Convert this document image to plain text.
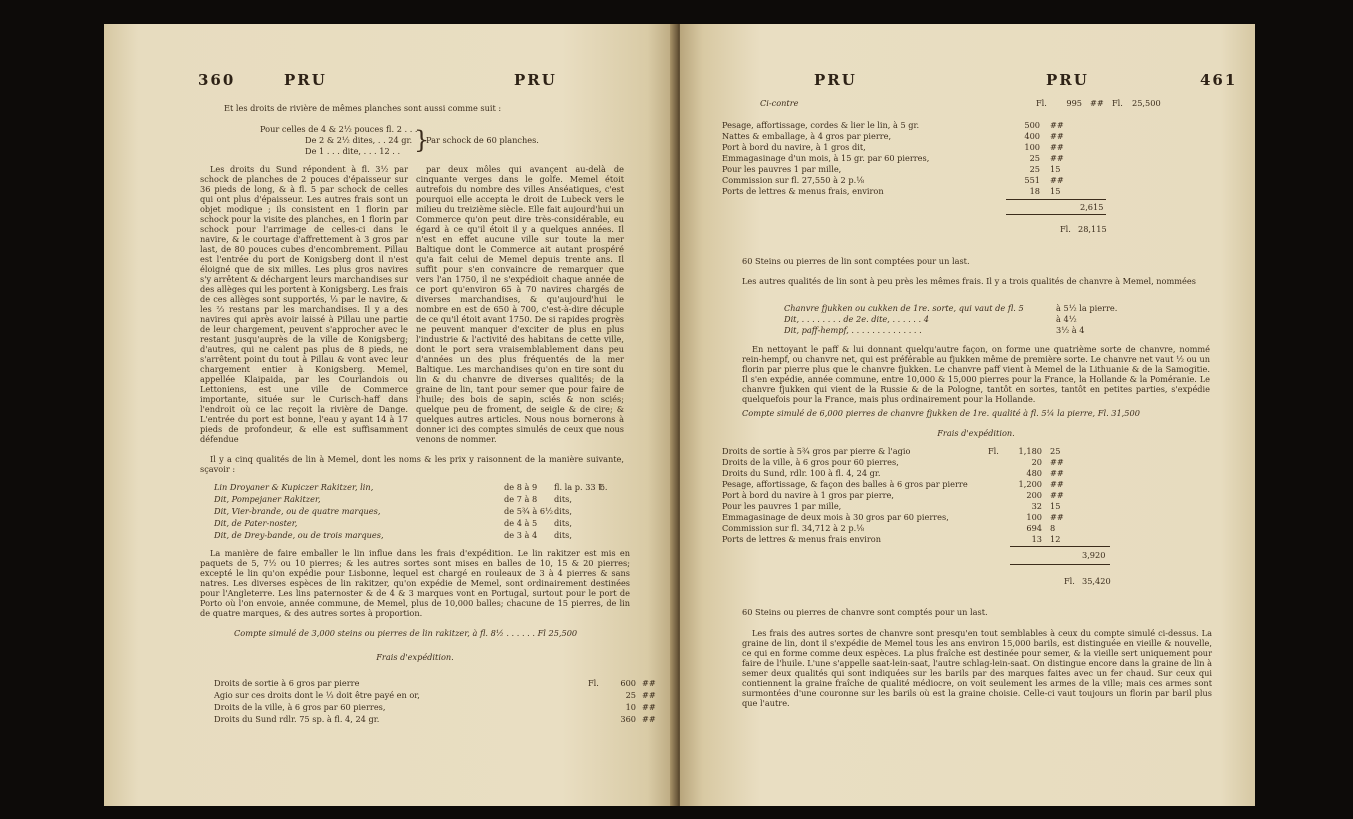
360	PRU	PRU
Et les droits de rivière de mêmes planches sont aussi comme suit :
Pour celles de 4 & 2½ pouces fl. 2 . . . .
De 2 & 2½ dites, . . 24 gr.
De 1 . . . dite, . . . 12 . . }
Par schock de 60 planches.

Les droits du Sund répondent à fl. 3½ par schock de planches de 2 pouces d'épaisseur sur 36 pieds de long, & à fl. 5 par schock de celles qui ont plus d'épaisseur. Les autres frais sont un objet modique ; ils consistent en 1 florin par schock pour la visite des planches, en 1 florin par schock pour l'arrimage de celles-ci dans le navire, & le courtage d'affrettement à 3 gros par last, de 80 pouces cubes d'encombrement. Pillau est l'entrée du port de Konigsberg dont il n'est éloigné que de six milles. Les plus gros navires s'y arrêtent & déchargent leurs marchandises sur des allèges qui les portent à Konigsberg. Les frais de ces allèges sont supportés, ⅓ par le navire, & les ⅔ restans par les marchandises. Il y a des navires qui après avoir laissé à Pillau une partie de leur chargement, peuvent s'approcher avec le restant jusqu'auprès de la ville de Konigsberg; d'autres, qui ne calent pas plus de 8 pieds, ne s'arrêtent point du tout à Pillau & vont avec leur chargement entier à Konigsberg. Memel, appellée Klaipaida, par les Courlandois ou Lettoniens, est une ville de Commerce importante, située sur le Curisch-haff dans l'endroit où ce lac reçoit la rivière de Dange. L'entrée du port est bonne, l'eau y ayant 14 à 17 pieds de profondeur, & elle est suffisamment défendue

par deux môles qui avançent au-delà de cinquante verges dans le golfe. Memel étoit autrefois du nombre des villes Anséatiques, c'est pourquoi elle accepta le droit de Lubeck vers le milieu du treizième siècle. Elle fait aujourd'hui un Commerce qu'on peut dire très-considérable, eu égard à ce qu'il étoit il y a quelques années. Il n'est en effet aucune ville sur toute la mer Baltique dont le Commerce ait autant prospéré qu'a fait celui de Memel depuis trente ans. Il suffit pour s'en convaincre de remarquer que vers l'an 1750, il ne s'expédioit chaque année de ce port qu'environ 65 à 70 navires chargés de diverses marchandises, & qu'aujourd'hui le nombre en est de 650 à 700, c'est-à-dire décuple de ce qu'il étoit avant 1750. De si rapides progrès ne peuvent manquer d'exciter de plus en plus l'industrie & l'activité des habitans de cette ville, dont le port sera vraisemblablement dans peu d'années un des plus fréquentés de la mer Baltique. Les marchandises qu'on en tire sont du lin & du chanvre de diverses qualités; de la graine de lin, tant pour semer que pour faire de l'huile; des bois de sapin, sciés & non sciés; quelque peu de froment, de seigle & de cire; & quelques autres articles. Nous nous bornerons à donner ici des comptes simulés de ceux que nous venons de nommer.

Il y a cinq qualités de lin à Memel, dont les noms & les prix y raisonnent de la manière suivante, sçavoir :

Lin Droyaner & Kupiczer Rakitzer, lin,	de 8 à 9 fl. la p. 33 ℔.
Dit, Pompejaner Rakitzer,	de 7 à 8 dits,
Dit, Vier-brande, ou de quatre marques,	de 5¾ à 6½ dits,
Dit, de Pater-noster,	de 4 à 5 dits,
Dit, de Drey-bande, ou de trois marques,	de 3 à 4 dits,

La manière de faire emballer le lin influe dans les frais d'expédition. Le lin rakitzer est mis en paquets de 5, 7½ ou 10 pierres; & les autres sortes sont mises en balles de 10, 15 & 20 pierres; excepté le lin qu'on expédie pour Lisbonne, lequel est chargé en rouleaux de 3 à 4 pierres & sans natres. Les diverses espèces de lin rakitzer, qu'on expédie de Memel, sont ordinairement destinées pour l'Angleterre. Les lins paternoster & de 4 & 3 marques vont en Portugal, surtout pour le port de Porto où l'on envoie, année commune, de Memel, plus de 10,000 balles; chacune de 15 pierres, de lin de quatre marques, & des autres sortes à proportion.

Compte simulé de 3,000 steins ou pierres de lin rakitzer, à fl. 8½ . . . . . . Fl 25,500
Frais d'expédition.
Droits de sortie à 6 gros par pierre	Fl.	600 ##
Agio sur ces droits dont le ⅓ doit être payé en or,	25 ##
Droits de la ville, à 6 gros par 60 pierres,	10 ##
Droits du Sund rdlr. 75 sp. à fl. 4, 24 gr.	360 ##
PRU	PRU	461
Ci-contre	Fl.	995 ## Fl. 25,500
Pesage, affortissage, cordes & lier le lin, à 5 gr.	500 ##
Nattes & emballage, à 4 gros par pierre,	400 ##
Port à bord du navire, à 1 gros dit,	100 ##
Emmagasinage d'un mois, à 15 gr. par 60 pierres,	25 ##
Pour les pauvres 1 par mille,	25 15
Commission sur fl. 27,550 à 2 p.⅛	551 ##
Ports de lettres & menus frais, environ	18 15
2,615
Fl. 28,115
60 Steins ou pierres de lin sont comptées pour un last.

Les autres qualités de lin sont à peu près les mêmes frais. Il y a trois qualités de chanvre à Memel, nommées

Chanvre fjukken ou cukken de 1re. sorte, qui vaut de fl. 5	à 5½ la pierre.
Dit, . . . . . . . . de 2e. dite, . . . . . . 4	à 4½
Dit, paff-hempf, . . . . . . . . . . . . . .	3½ à 4

En nettoyant le paff & lui donnant quelqu'autre façon, on forme une quatrième sorte de chanvre, nommé rein-hempf, ou chanvre net, qui est préférable au fjukken même de première sorte. Le chanvre net vaut ½ ou un florin par pierre plus que le chanvre fjukken. Le chanvre paff vient à Memel de la Lithuanie & de la Samogitie. Il s'en expédie, année commune, entre 10,000 & 15,000 pierres pour la France, la Hollande & la Poméranie. Le chanvre fjukken qui vient de la Russie & de la Pologne, tantôt en sortes, tantôt en petites parties, s'expédie quelquefois pour la France, mais plus ordinairement pour la Hollande.

Compte simulé de 6,000 pierres de chanvre fjukken de 1re. qualité à fl. 5¼ la pierre, Fl. 31,500
Frais d'expédition.
Droits de sortie à 5¾ gros par pierre & l'agio	Fl.	1,180 25
Droits de la ville, à 6 gros pour 60 pierres,	20 ##
Droits du Sund, rdlr. 100 à fl. 4, 24 gr.	480 ##
Pesage, affortissage, & façon des balles à 6 gros par pierre	1,200 ##
Port à bord du navire à 1 gros par pierre,	200 ##
Pour les pauvres 1 par mille,	32 15
Emmagasinage de deux mois à 30 gros par 60 pierres,	100 ##
Commission sur fl. 34,712 à 2 p.⅛	694 8
Ports de lettres & menus frais environ	13 12
3,920
Fl. 35,420
60 Steins ou pierres de chanvre sont comptés pour un last.

Les frais des autres sortes de chanvre sont presqu'en tout semblables à ceux du compte simulé ci-dessus. La graine de lin, dont il s'expédie de Memel tous les ans environ 15,000 barils, est distinguée en vieille & nouvelle, ce qui en forme comme deux espèces. La plus fraîche est destinée pour semer, & la vieille sert uniquement pour faire de l'huile. L'une s'appelle saat-lein-saat, l'autre schlag-lein-saat. On distingue encore dans la graine de lin à semer deux qualités qui sont indiquées sur les barils par des marques faites avec un fer chaud. Sur ceux qui contiennent la graine fraîche de qualité médiocre, on voit seulement les armes de la ville; mais ces armes sont surmontées d'une couronne sur les barils où est la graine choisie. Celle-ci vaut toujours un florin par baril plus que l'autre.
